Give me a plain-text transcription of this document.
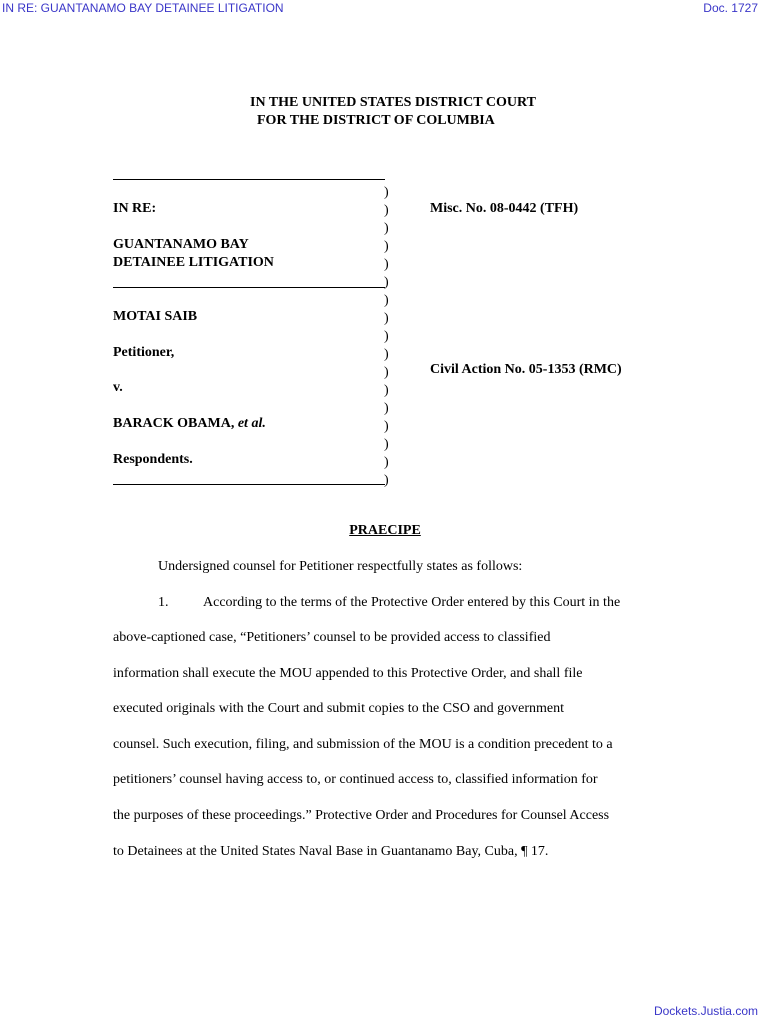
IN RE: GUANTANAMO BAY DETAINEE LITIGATION	Doc. 1727
IN THE UNITED STATES DISTRICT COURT
FOR THE DISTRICT OF COLUMBIA
)
)
)
)
)
)
)
)
)
)
)
)
)
)
)
)
)
IN RE:
GUANTANAMO BAY
DETAINEE LITIGATION
MOTAI SAIB
Petitioner,
v.
BARACK OBAMA, et al.
Respondents.
Misc. No. 08-0442 (TFH)
Civil Action No. 05-1353 (RMC)
PRAECIPE
Undersigned counsel for Petitioner respectfully states as follows:
1. According to the terms of the Protective Order entered by this Court in the
above-captioned case, “Petitioners’ counsel to be provided access to classified
information shall execute the MOU appended to this Protective Order, and shall file
executed originals with the Court and submit copies to the CSO and government
counsel. Such execution, filing, and submission of the MOU is a condition precedent to a
petitioners’ counsel having access to, or continued access to, classified information for
the purposes of these proceedings.” Protective Order and Procedures for Counsel Access
to Detainees at the United States Naval Base in Guantanamo Bay, Cuba, ¶ 17.
Dockets.Justia.com
